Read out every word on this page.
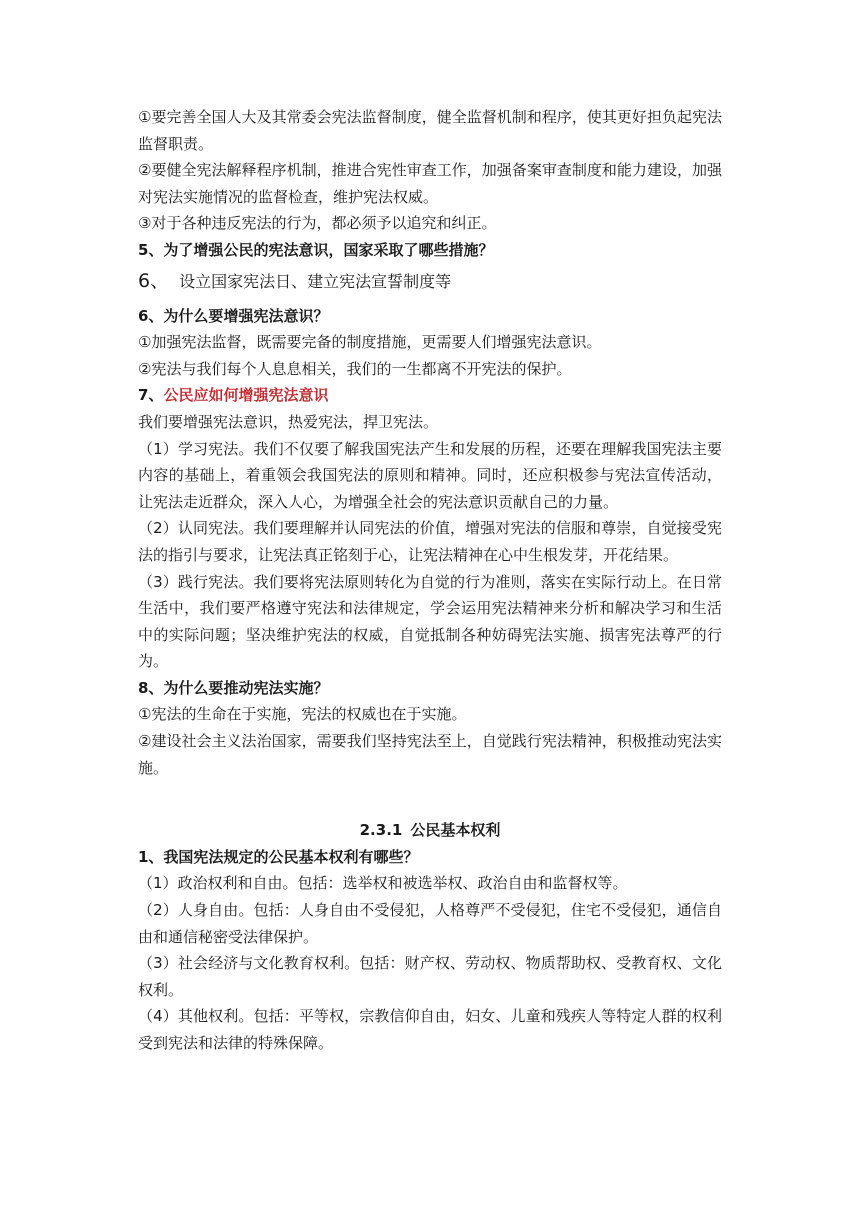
①要完善全国人大及其常委会宪法监督制度，健全监督机制和程序，使其更好担负起宪法监督职责。

②要健全宪法解释程序机制，推进合宪性审查工作，加强备案审查制度和能力建设，加强对宪法实施情况的监督检查，维护宪法权威。

③对于各种违反宪法的行为，都必须予以追究和纠正。

5、为了增强公民的宪法意识，国家采取了哪些措施？

6、 设立国家宪法日、建立宪法宣誓制度等

6、为什么要增强宪法意识？

①加强宪法监督，既需要完备的制度措施，更需要人们增强宪法意识。

②宪法与我们每个人息息相关，我们的一生都离不开宪法的保护。

7、公民应如何增强宪法意识

我们要增强宪法意识，热爱宪法，捍卫宪法。

（1）学习宪法。我们不仅要了解我国宪法产生和发展的历程，还要在理解我国宪法主要内容的基础上，着重领会我国宪法的原则和精神。同时，还应积极参与宪法宣传活动，让宪法走近群众，深入人心，为增强全社会的宪法意识贡献自己的力量。

（2）认同宪法。我们要理解并认同宪法的价值，增强对宪法的信服和尊崇，自觉接受宪法的指引与要求，让宪法真正铭刻于心，让宪法精神在心中生根发芽，开花结果。

（3）践行宪法。我们要将宪法原则转化为自觉的行为准则，落实在实际行动上。在日常生活中，我们要严格遵守宪法和法律规定，学会运用宪法精神来分析和解决学习和生活中的实际问题；坚决维护宪法的权威，自觉抵制各种妨碍宪法实施、损害宪法尊严的行为。

8、为什么要推动宪法实施？

①宪法的生命在于实施，宪法的权威也在于实施。

②建设社会主义法治国家，需要我们坚持宪法至上，自觉践行宪法精神，积极推动宪法实施。

2.3.1 公民基本权利

1、我国宪法规定的公民基本权利有哪些？

（1）政治权利和自由。包括：选举权和被选举权、政治自由和监督权等。

（2）人身自由。包括：人身自由不受侵犯，人格尊严不受侵犯，住宅不受侵犯，通信自由和通信秘密受法律保护。

（3）社会经济与文化教育权利。包括：财产权、劳动权、物质帮助权、受教育权、文化权利。

（4）其他权利。包括：平等权，宗教信仰自由，妇女、儿童和残疾人等特定人群的权利受到宪法和法律的特殊保障。
